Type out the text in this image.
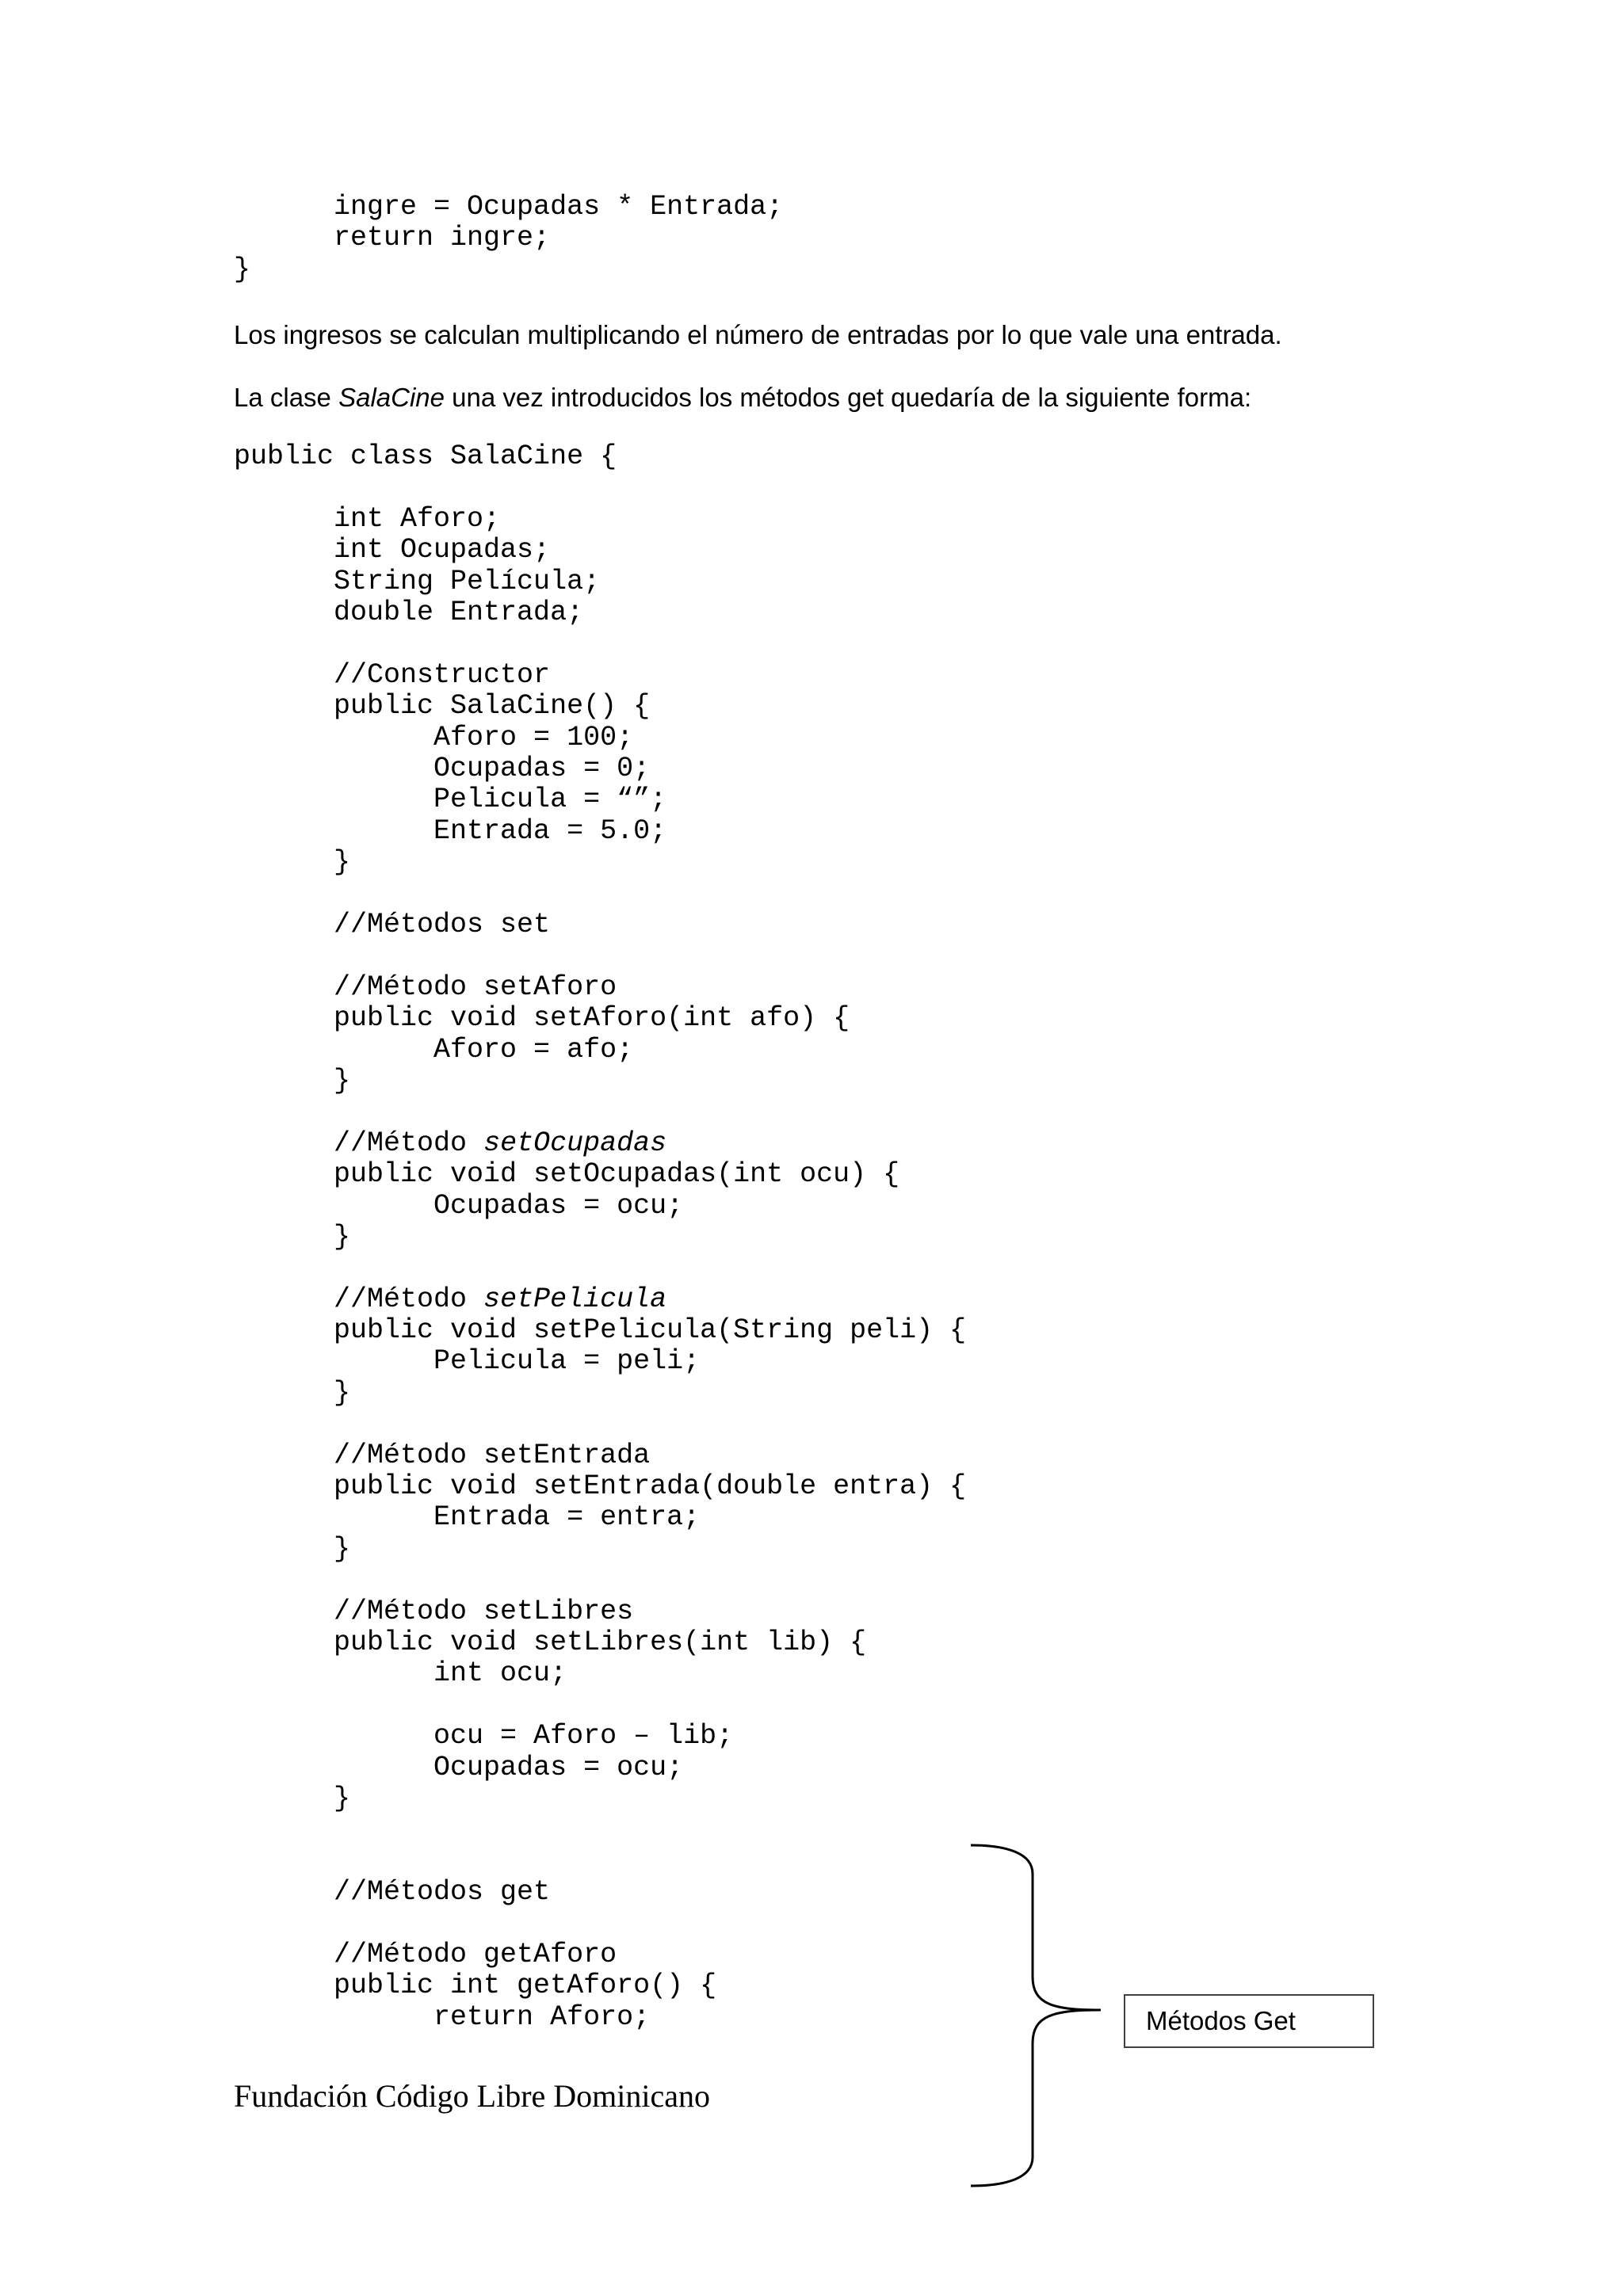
ingre = Ocupadas * Entrada;
return ingre;
}
public class SalaCine {
int Aforo;
int Ocupadas;
String Película;
double Entrada;
//Constructor
public SalaCine() {
Aforo = 100;
Ocupadas = 0;
Pelicula = “”;
Entrada = 5.0;
}
//Métodos set
//Método setAforo
public void setAforo(int afo) {
Aforo = afo;
}
//Método setOcupadas
public void setOcupadas(int ocu) {
Ocupadas = ocu;
}
//Método setPelicula
public void setPelicula(String peli) {
Pelicula = peli;
}
//Método setEntrada
public void setEntrada(double entra) {
Entrada = entra;
}
//Método setLibres
public void setLibres(int lib) {
int ocu;
ocu = Aforo – lib;
Ocupadas = ocu;
}
//Métodos get
//Método getAforo
public int getAforo() {
return Aforo;

Los ingresos se calculan multiplicando el número de entradas por lo que vale una entrada.

La clase SalaCine una vez introducidos los métodos get quedaría de la siguiente forma:

Métodos Get
Fundación Código Libre Dominicano
